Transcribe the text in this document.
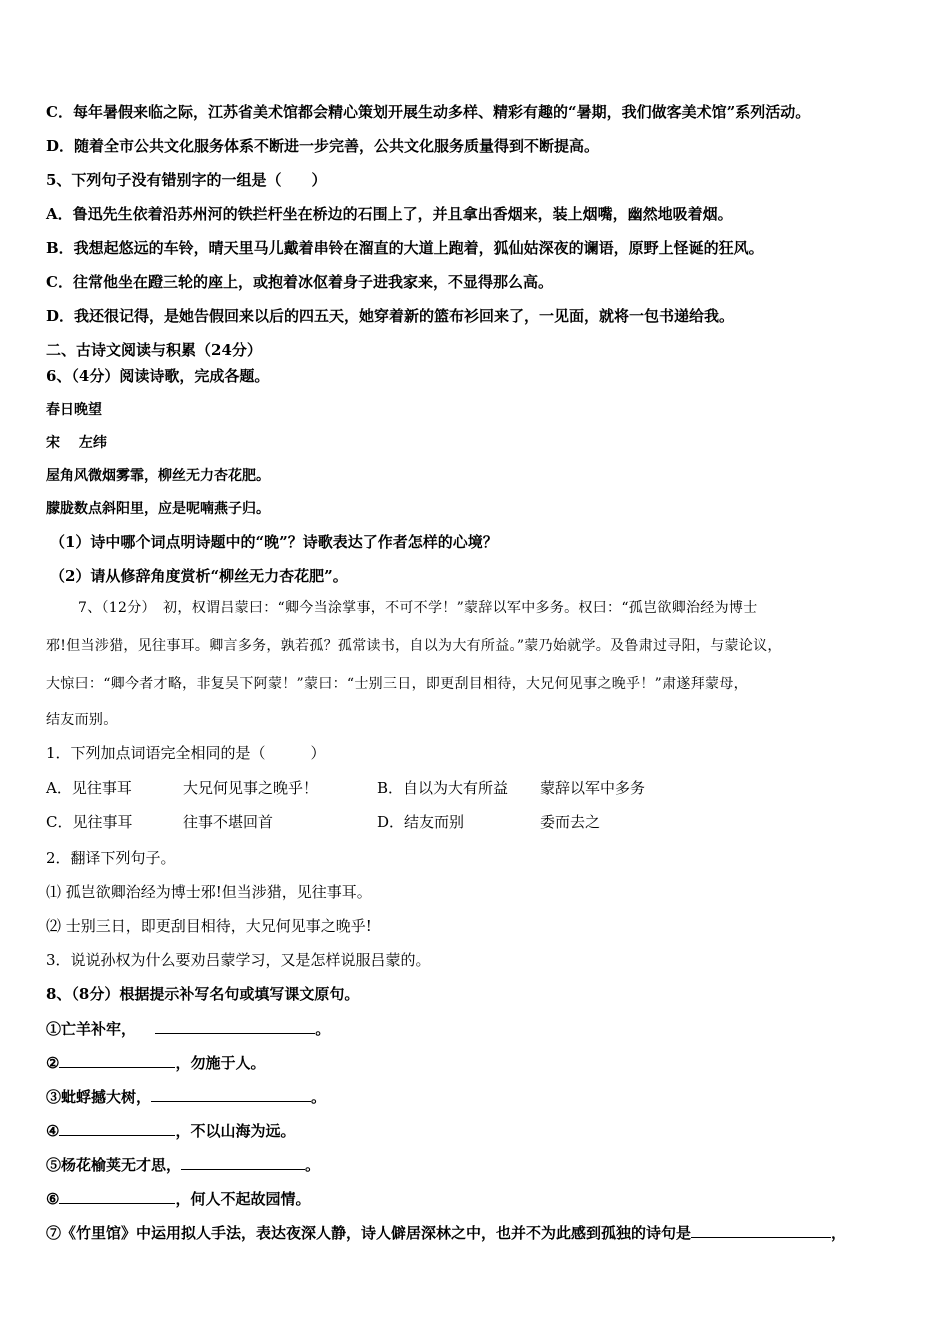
C．每年暑假来临之际，江苏省美术馆都会精心策划开展生动多样、精彩有趣的“暑期，我们做客美术馆”系列活动。
D．随着全市公共文化服务体系不断进一步完善，公共文化服务质量得到不断提高。
5、下列句子没有错别字的一组是（　　）
A．鲁迅先生依着沿苏州河的铁拦杆坐在桥边的石围上了，并且拿出香烟来，装上烟嘴，幽然地吸着烟。
B．我想起悠远的车铃，晴天里马儿戴着串铃在溜直的大道上跑着，狐仙姑深夜的谰语，原野上怪诞的狂风。
C．往常他坐在蹬三轮的座上，或抱着冰伛着身子进我家来，不显得那么高。
D．我还很记得，是她告假回来以后的四五天，她穿着新的篮布衫回来了，一见面，就将一包书递给我。
二、古诗文阅读与积累（24分）
6、（4分）阅读诗歌，完成各题。
春日晚望
宋　 左纬
屋角风微烟雾霏，柳丝无力杏花肥。
朦胧数点斜阳里，应是呢喃燕子归。
（1）诗中哪个词点明诗题中的“晚”？诗歌表达了作者怎样的心境？
（2）请从修辞角度赏析“柳丝无力杏花肥”。
7、（12分）　初，权谓吕蒙曰：“卿今当涂掌事，不可不学！”蒙辞以军中多务。权曰：“孤岂欲卿治经为博士
邪!但当涉猎，见往事耳。卿言多务，孰若孤？孤常读书，自以为大有所益。”蒙乃始就学。及鲁肃过寻阳，与蒙论议，
大惊曰：“卿今者才略，非复吴下阿蒙！”蒙曰：“士别三日，即更刮目相待，大兄何见事之晚乎！”肃遂拜蒙母，
结友而别。
1．下列加点词语完全相同的是（　　　）
A．见往事耳	大兄何见事之晚乎！	B．自以为大有所益 蒙辞以军中多务
C．见往事耳	往事不堪回首	D．结友而别	委而去之
2．翻译下列句子。
⑴ 孤岂欲卿治经为博士邪!但当涉猎，见往事耳。
⑵ 士别三日，即更刮目相待，大兄何见事之晚乎!
3．说说孙权为什么要劝吕蒙学习，又是怎样说服吕蒙的。
8、（8分）根据提示补写名句或填写课文原句。
①亡羊补牢，	。
②	，勿施于人。
③蚍蜉撼大树，	。
④	，不以山海为远。
⑤杨花榆荚无才思，	。
⑥	，何人不起故园情。
⑦《竹里馆》中运用拟人手法，表达夜深人静，诗人僻居深林之中，也并不为此感到孤独的诗句是	，
